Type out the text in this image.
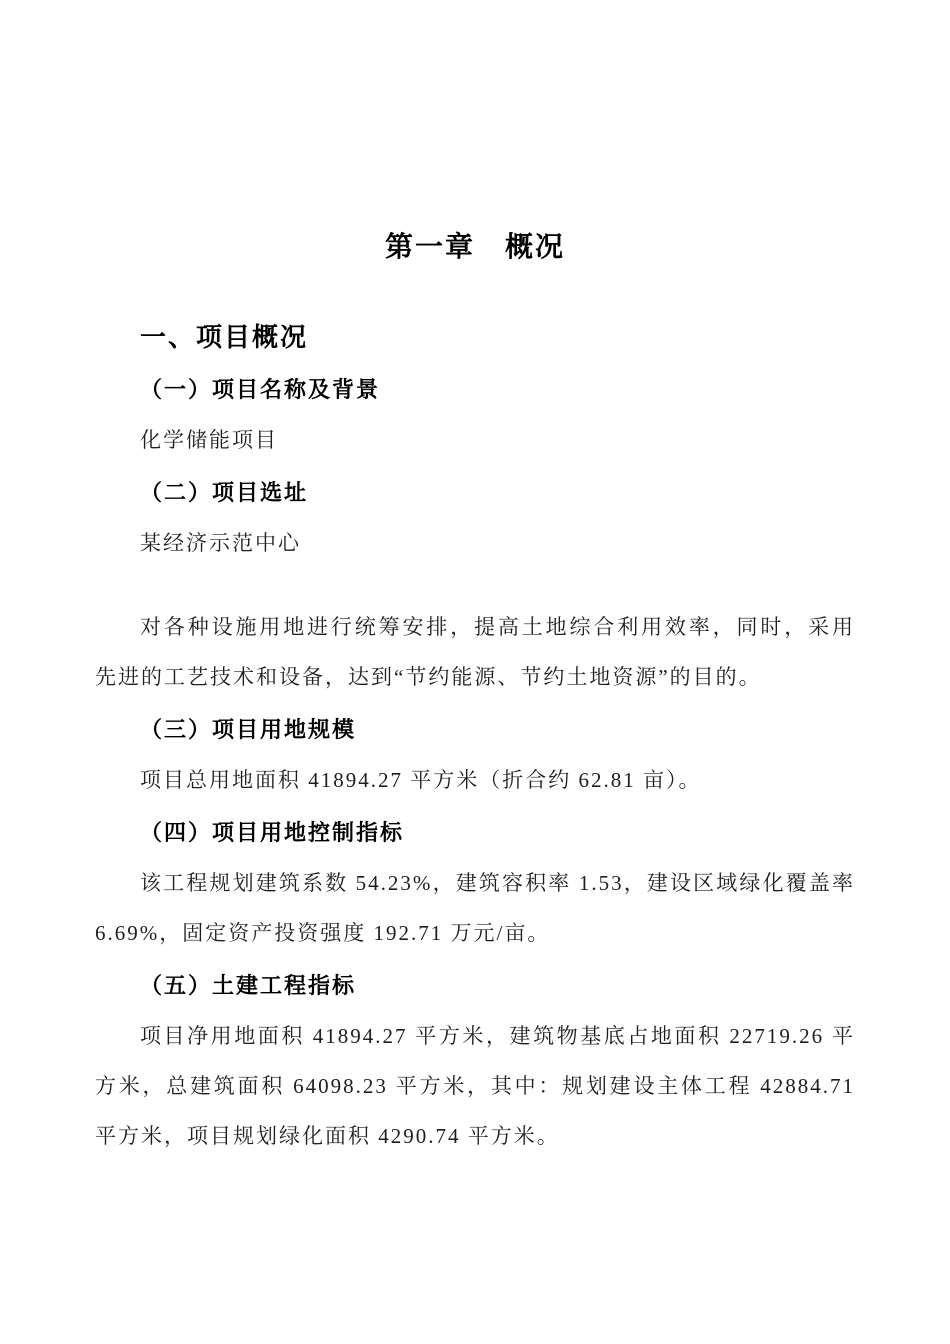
第一章　概况
一、项目概况
（一）项目名称及背景
化学储能项目
（二）项目选址
某经济示范中心
对各种设施用地进行统筹安排，提高土地综合利用效率，同时，采用
先进的工艺技术和设备，达到“节约能源、节约土地资源”的目的。
（三）项目用地规模
项目总用地面积 41894.27 平方米（折合约 62.81 亩）。
（四）项目用地控制指标
该工程规划建筑系数 54.23%，建筑容积率 1.53，建设区域绿化覆盖率
6.69%，固定资产投资强度 192.71 万元/亩。
（五）土建工程指标
项目净用地面积 41894.27 平方米，建筑物基底占地面积 22719.26 平
方米，总建筑面积 64098.23 平方米，其中：规划建设主体工程 42884.71
平方米，项目规划绿化面积 4290.74 平方米。
